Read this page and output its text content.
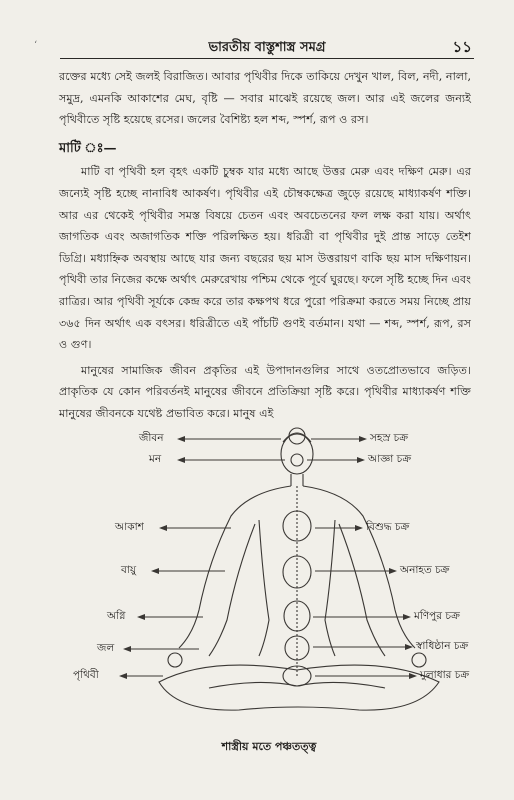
ʻ	ভারতীয় বাস্তুশাস্ত্র সমগ্র	১১

রক্তের মধ্যে সেই জলই বিরাজিত। আবার পৃথিবীর দিকে তাকিয়ে দেখুন খাল, বিল, নদী, নালা, সমুদ্র, এমনকি আকাশের মেঘ, বৃষ্টি — সবার মাঝেই রয়েছে জল। আর এই জলের জন্যই পৃথিবীতে সৃষ্টি হয়েছে রসের। জলের বৈশিষ্ট্য হল শব্দ, স্পর্শ, রূপ ও রস।

মাটি ঃ—

মাটি বা পৃথিবী হল বৃহৎ একটি চুম্বক যার মধ্যে আছে উত্তর মেরু এবং দক্ষিণ মেরু। এর জন্যেই সৃষ্টি হচ্ছে নানাবিধ আকর্ষণ। পৃথিবীর এই চৌম্বকক্ষেত্র জুড়ে রয়েছে মাধ্যাকর্ষণ শক্তি। আর এর থেকেই পৃথিবীর সমস্ত বিষয়ে চেতন এবং অবচেতনের ফল লক্ষ করা যায়। অর্থাৎ জাগতিক এবং অজাগতিক শক্তি পরিলক্ষিত হয়। ধরিত্রী বা পৃথিবীর দুই প্রান্ত সাড়ে তেইশ ডিগ্রি। মধ্যাহ্নিক অবস্থায় আছে যার জন্য বছরের ছয় মাস উত্তরায়ণ বাকি ছয় মাস দক্ষিণায়ন। পৃথিবী তার নিজের কক্ষে অর্থাৎ মেরুরেখায় পশ্চিম থেকে পূর্বে ঘুরছে। ফলে সৃষ্টি হচ্ছে দিন এবং রাত্রির। আর পৃথিবী সূর্যকে কেন্দ্র করে তার কক্ষপথ ধরে পুরো পরিক্রমা করতে সময় নিচ্ছে প্রায় ৩৬৫ দিন অর্থাৎ এক বৎসর। ধরিত্রীতে এই পাঁচটি গুণই বর্তমান। যথা — শব্দ, স্পর্শ, রূপ, রস ও গুণ।

মানুষের সামাজিক জীবন প্রকৃতির এই উপাদানগুলির সাথে ওতপ্রোতভাবে জড়িত। প্রাকৃতিক যে কোন পরিবর্তনই মানুষের জীবনে প্রতিক্রিয়া সৃষ্টি করে। পৃথিবীর মাধ্যাকর্ষণ শক্তি মানুষের জীবনকে যথেষ্ট প্রভাবিত করে। মানুষ এই

জীবন
মন
আকাশ
বায়ু
অগ্নি
জল
পৃথিবী
সহস্র চক্র
আজ্ঞা চক্র
বিশুদ্ধ চক্র
অনাহত চক্র
মণিপুর চক্র
স্বাধিষ্ঠান চক্র
মুলাধার চক্র
শাস্ত্রীয় মতে পঞ্চতত্ত্ব
